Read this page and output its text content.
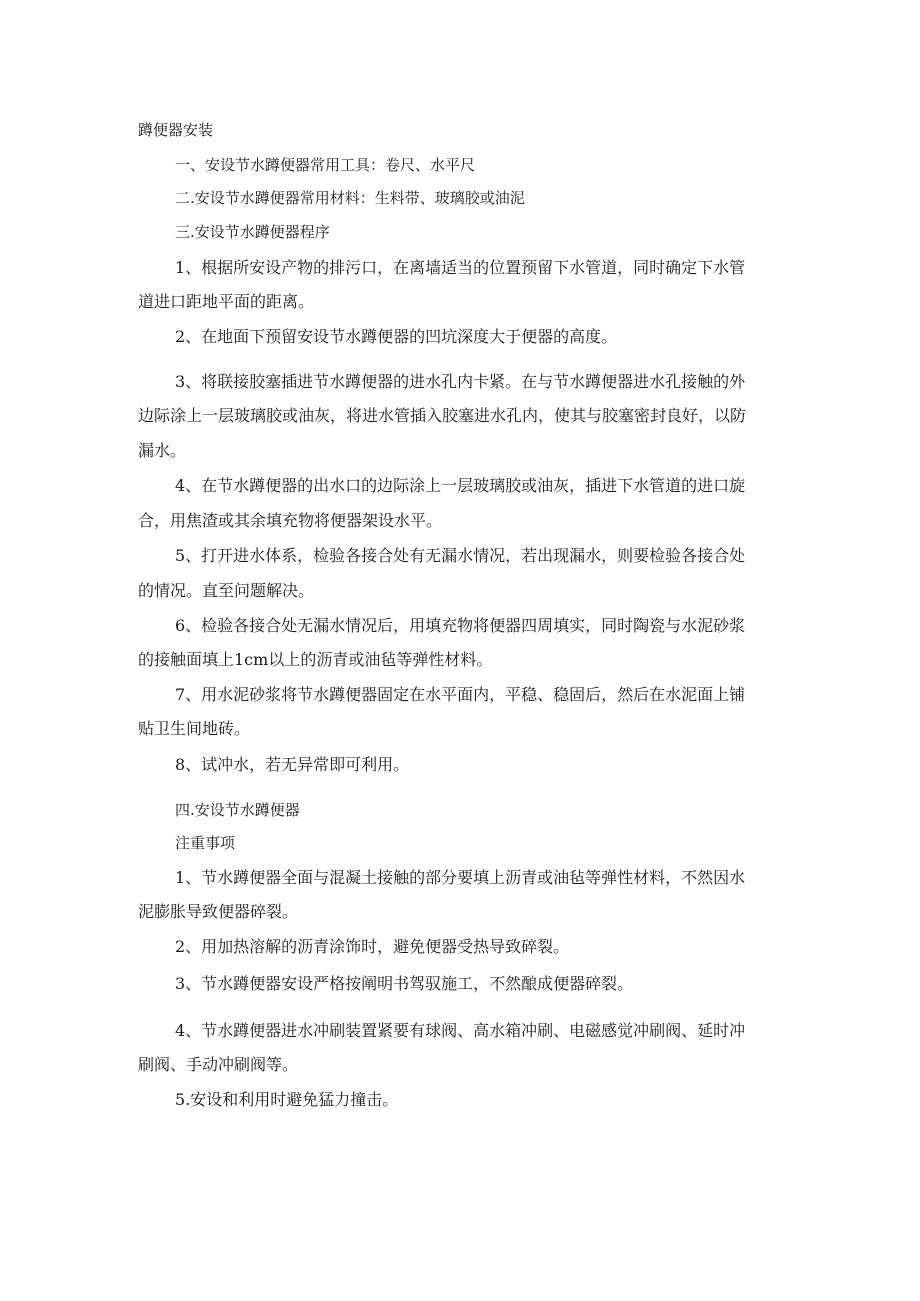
蹲便器安装

一、安设节水蹲便器常用工具：卷尺、水平尺

二.安设节水蹲便器常用材料：生料带、玻璃胶或油泥

三.安设节水蹲便器程序

1、根据所安设产物的排污口，在离墙适当的位置预留下水管道，同时确定下水管

道进口距地平面的距离。

2、在地面下预留安设节水蹲便器的凹坑深度大于便器的高度。

3、将联接胶塞插进节水蹲便器的进水孔内卡紧。在与节水蹲便器进水孔接触的外

边际涂上一层玻璃胶或油灰，将进水管插入胶塞进水孔内，使其与胶塞密封良好，以防

漏水。

4、在节水蹲便器的出水口的边际涂上一层玻璃胶或油灰，插进下水管道的进口旋

合，用焦渣或其余填充物将便器架设水平。

5、打开进水体系，检验各接合处有无漏水情况，若出现漏水，则要检验各接合处

的情况。直至问题解决。

6、检验各接合处无漏水情况后，用填充物将便器四周填实，同时陶瓷与水泥砂浆

的接触面填上1cm以上的沥青或油毡等弹性材料。

7、用水泥砂浆将节水蹲便器固定在水平面内，平稳、稳固后，然后在水泥面上铺

贴卫生间地砖。

8、试冲水，若无异常即可利用。

四.安设节水蹲便器

注重事项

1、节水蹲便器全面与混凝土接触的部分要填上沥青或油毡等弹性材料，不然因水

泥膨胀导致便器碎裂。

2、用加热溶解的沥青涂饰时，避免便器受热导致碎裂。

3、节水蹲便器安设严格按阐明书驾驭施工，不然酿成便器碎裂。

4、节水蹲便器进水冲刷装置紧要有球阀、高水箱冲刷、电磁感觉冲刷阀、延时冲

刷阀、手动冲刷阀等。

5.安设和利用时避免猛力撞击。
